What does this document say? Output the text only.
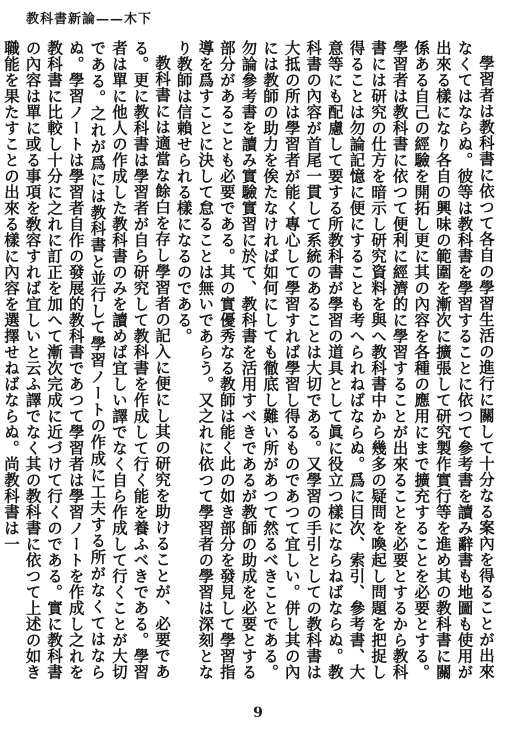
教科書新論——木下

學習者は教科書に依つて各自の學習生活の進行に關して十分なる案內を得ることが出來なくてはならぬ。彼等は教科書を學習することに依つて參考書を讀み辭書も地圖も使用が出來る樣になり各自の興味の範圍を漸次に擴張して研究製作實行等を進め其の教科書に關係ある自己の經驗を開拓し更に其の內容を各種の應用にまで擴充することを必要とする。學習者は教科書に依つて便利に經濟的に學習することが出來ることを必要とするから教科書には研究の仕方を暗示し研究資料を與へ教科書中から幾多の疑問を喚起し問題を把捉し得ることは勿論記憶に便にすることも考へられねばならぬ。爲に目次、索引、參考書、大意等にも配慮して要する所教科書が學習の道具として眞に役立つ樣にならねばならぬ。教科書の內容が首尾一貫して系統のあることは大切である。又學習の手引としての教科書は大抵の所は學習者が能く專心して學習すれば學習し得るものであつて宜しい。併し其の內には教師の助力を俟たなければ如何にしても徹底し難い所があつて然るべきことである。勿論參考書を讀み實驗實習に於て、教科書を活用すべきであるが教師の助成を必要とする部分があることも必要である。其の實優秀なる教師は能く此の如き部分を發見して學習指導を爲すことに決して怠ることは無いであらう。又之れに依つて學習者の學習は深刻となり教師は信賴せられる樣になるのである。

教科書には適當な餘白を存し學習者の記入に便にし其の研究を助けることが、必要である。更に教科書は學習者が自ら研究して教科書を作成して行く能を養ふべきである。學習者は單に他人の作成した教科書のみを讀めば宜しい譯でなく自ら作成して行くことが大切である。之れが爲には教科書と並行して學習ノートの作成に工夫する所がなくてはならぬ。學習ノートは學習者自作の發展的教科書であつて學習者は學習ノートを作成し之れを教科書に比較し十分に之れに訂正を加へて漸次完成に近づけて行くのである。實に教科書の內容は單に或る事項を敎容すれば宜しいと云ふ譯でなく其の教科書に依つて上述の如き職能を果たすことの出來る樣に內容を選擇せねばならぬ。尚教科書は一

9
